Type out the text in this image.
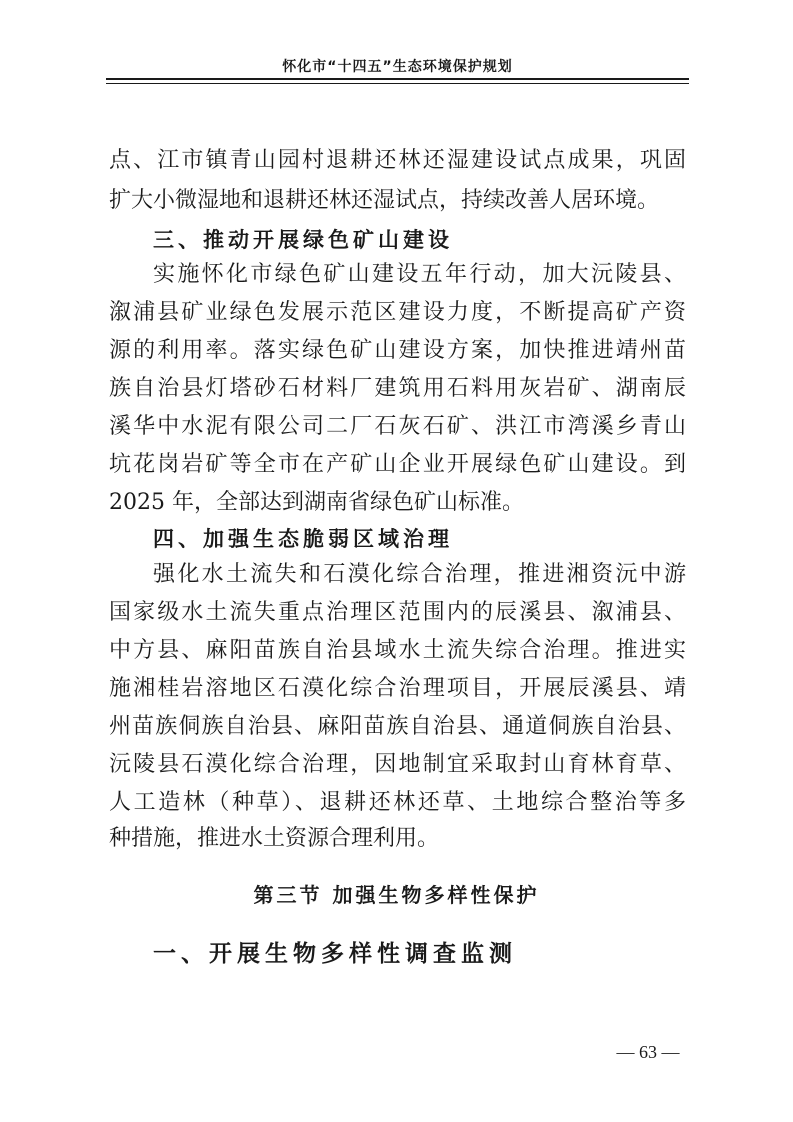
怀化市“十四五”生态环境保护规划
点、江市镇青山园村退耕还林还湿建设试点成果，巩固
扩大小微湿地和退耕还林还湿试点，持续改善人居环境。
三、推动开展绿色矿山建设
实施怀化市绿色矿山建设五年行动，加大沅陵县、
溆浦县矿业绿色发展示范区建设力度，不断提高矿产资
源的利用率。落实绿色矿山建设方案，加快推进靖州苗
族自治县灯塔砂石材料厂建筑用石料用灰岩矿、湖南辰
溪华中水泥有限公司二厂石灰石矿、洪江市湾溪乡青山
坑花岗岩矿等全市在产矿山企业开展绿色矿山建设。到
2025 年，全部达到湖南省绿色矿山标准。
四、加强生态脆弱区域治理
强化水土流失和石漠化综合治理，推进湘资沅中游
国家级水土流失重点治理区范围内的辰溪县、溆浦县、
中方县、麻阳苗族自治县域水土流失综合治理。推进实
施湘桂岩溶地区石漠化综合治理项目，开展辰溪县、靖
州苗族侗族自治县、麻阳苗族自治县、通道侗族自治县、
沅陵县石漠化综合治理，因地制宜采取封山育林育草、
人工造林（种草）、退耕还林还草、土地综合整治等多
种措施，推进水土资源合理利用。
第三节 加强生物多样性保护
一、开展生物多样性调查监测
— 63 —
